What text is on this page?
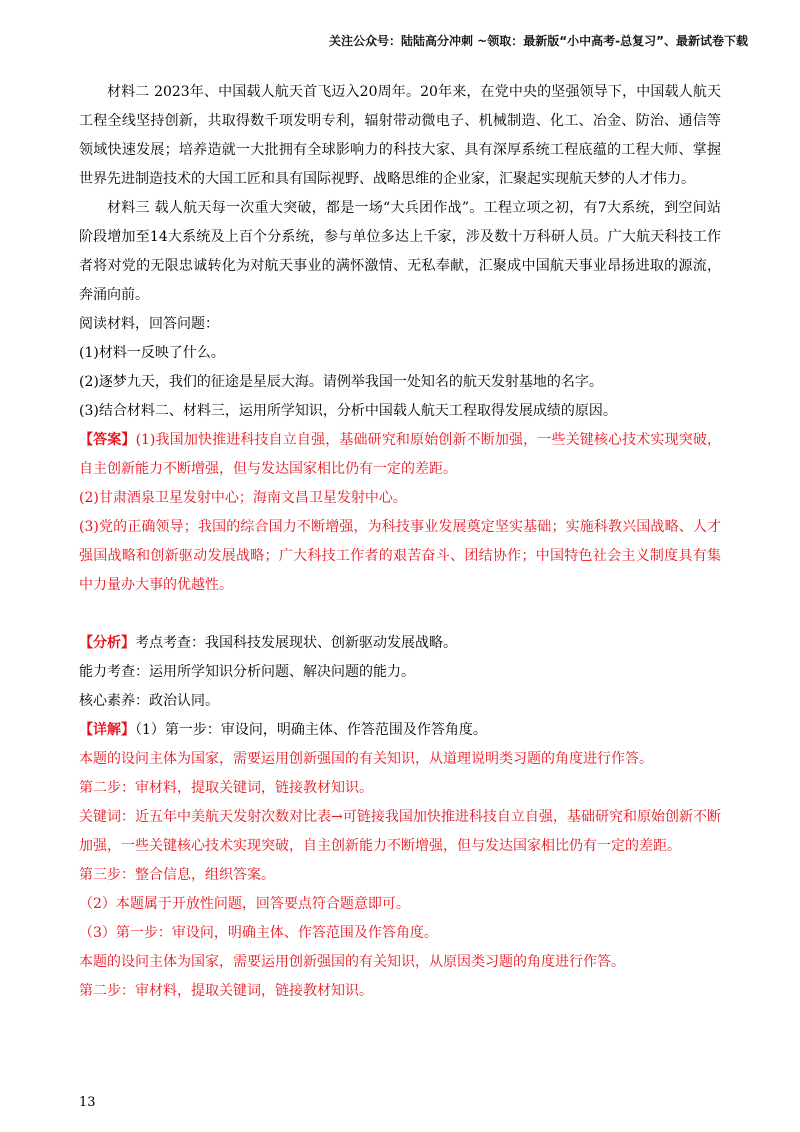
关注公众号：陆陆高分冲刺 ~领取：最新版“小中高考-总复习”、最新试卷下载

材料二 2023年、中国载人航天首飞迈入20周年。20年来，在党中央的坚强领导下，中国载人航天工程全线坚持创新，共取得数千项发明专利，辐射带动微电子、机械制造、化工、冶金、防治、通信等领域快速发展；培养造就一大批拥有全球影响力的科技大家、具有深厚系统工程底蕴的工程大师、掌握世界先进制造技术的大国工匠和具有国际视野、战略思维的企业家，汇聚起实现航天梦的人才伟力。

材料三 载人航天每一次重大突破，都是一场“大兵团作战”。工程立项之初，有7大系统，到空间站阶段增加至14大系统及上百个分系统，参与单位多达上千家，涉及数十万科研人员。广大航天科技工作者将对党的无限忠诚转化为对航天事业的满怀激情、无私奉献，汇聚成中国航天事业昂扬进取的源流，奔涌向前。

阅读材料，回答问题：

(1)材料一反映了什么。

(2)逐梦九天，我们的征途是星辰大海。请例举我国一处知名的航天发射基地的名字。

(3)结合材料二、材料三，运用所学知识，分析中国载人航天工程取得发展成绩的原因。

【答案】(1)我国加快推进科技自立自强，基础研究和原始创新不断加强，一些关键核心技术实现突破，自主创新能力不断增强，但与发达国家相比仍有一定的差距。

(2)甘肃酒泉卫星发射中心；海南文昌卫星发射中心。

(3)党的正确领导；我国的综合国力不断增强，为科技事业发展奠定坚实基础；实施科教兴国战略、人才强国战略和创新驱动发展战略；广大科技工作者的艰苦奋斗、团结协作；中国特色社会主义制度具有集中力量办大事的优越性。

【分析】考点考查：我国科技发展现状、创新驱动发展战略。

能力考查：运用所学知识分析问题、解决问题的能力。

核心素养：政治认同。

【详解】（1）第一步：审设问，明确主体、作答范围及作答角度。

本题的设问主体为国家，需要运用创新强国的有关知识，从道理说明类习题的角度进行作答。

第二步：审材料，提取关键词，链接教材知识。

关键词：近五年中美航天发射次数对比表→可链接我国加快推进科技自立自强，基础研究和原始创新不断加强，一些关键核心技术实现突破，自主创新能力不断增强，但与发达国家相比仍有一定的差距。

第三步：整合信息，组织答案。

（2）本题属于开放性问题，回答要点符合题意即可。

（3）第一步：审设问，明确主体、作答范围及作答角度。

本题的设问主体为国家，需要运用创新强国的有关知识，从原因类习题的角度进行作答。

第二步：审材料，提取关键词，链接教材知识。

13
